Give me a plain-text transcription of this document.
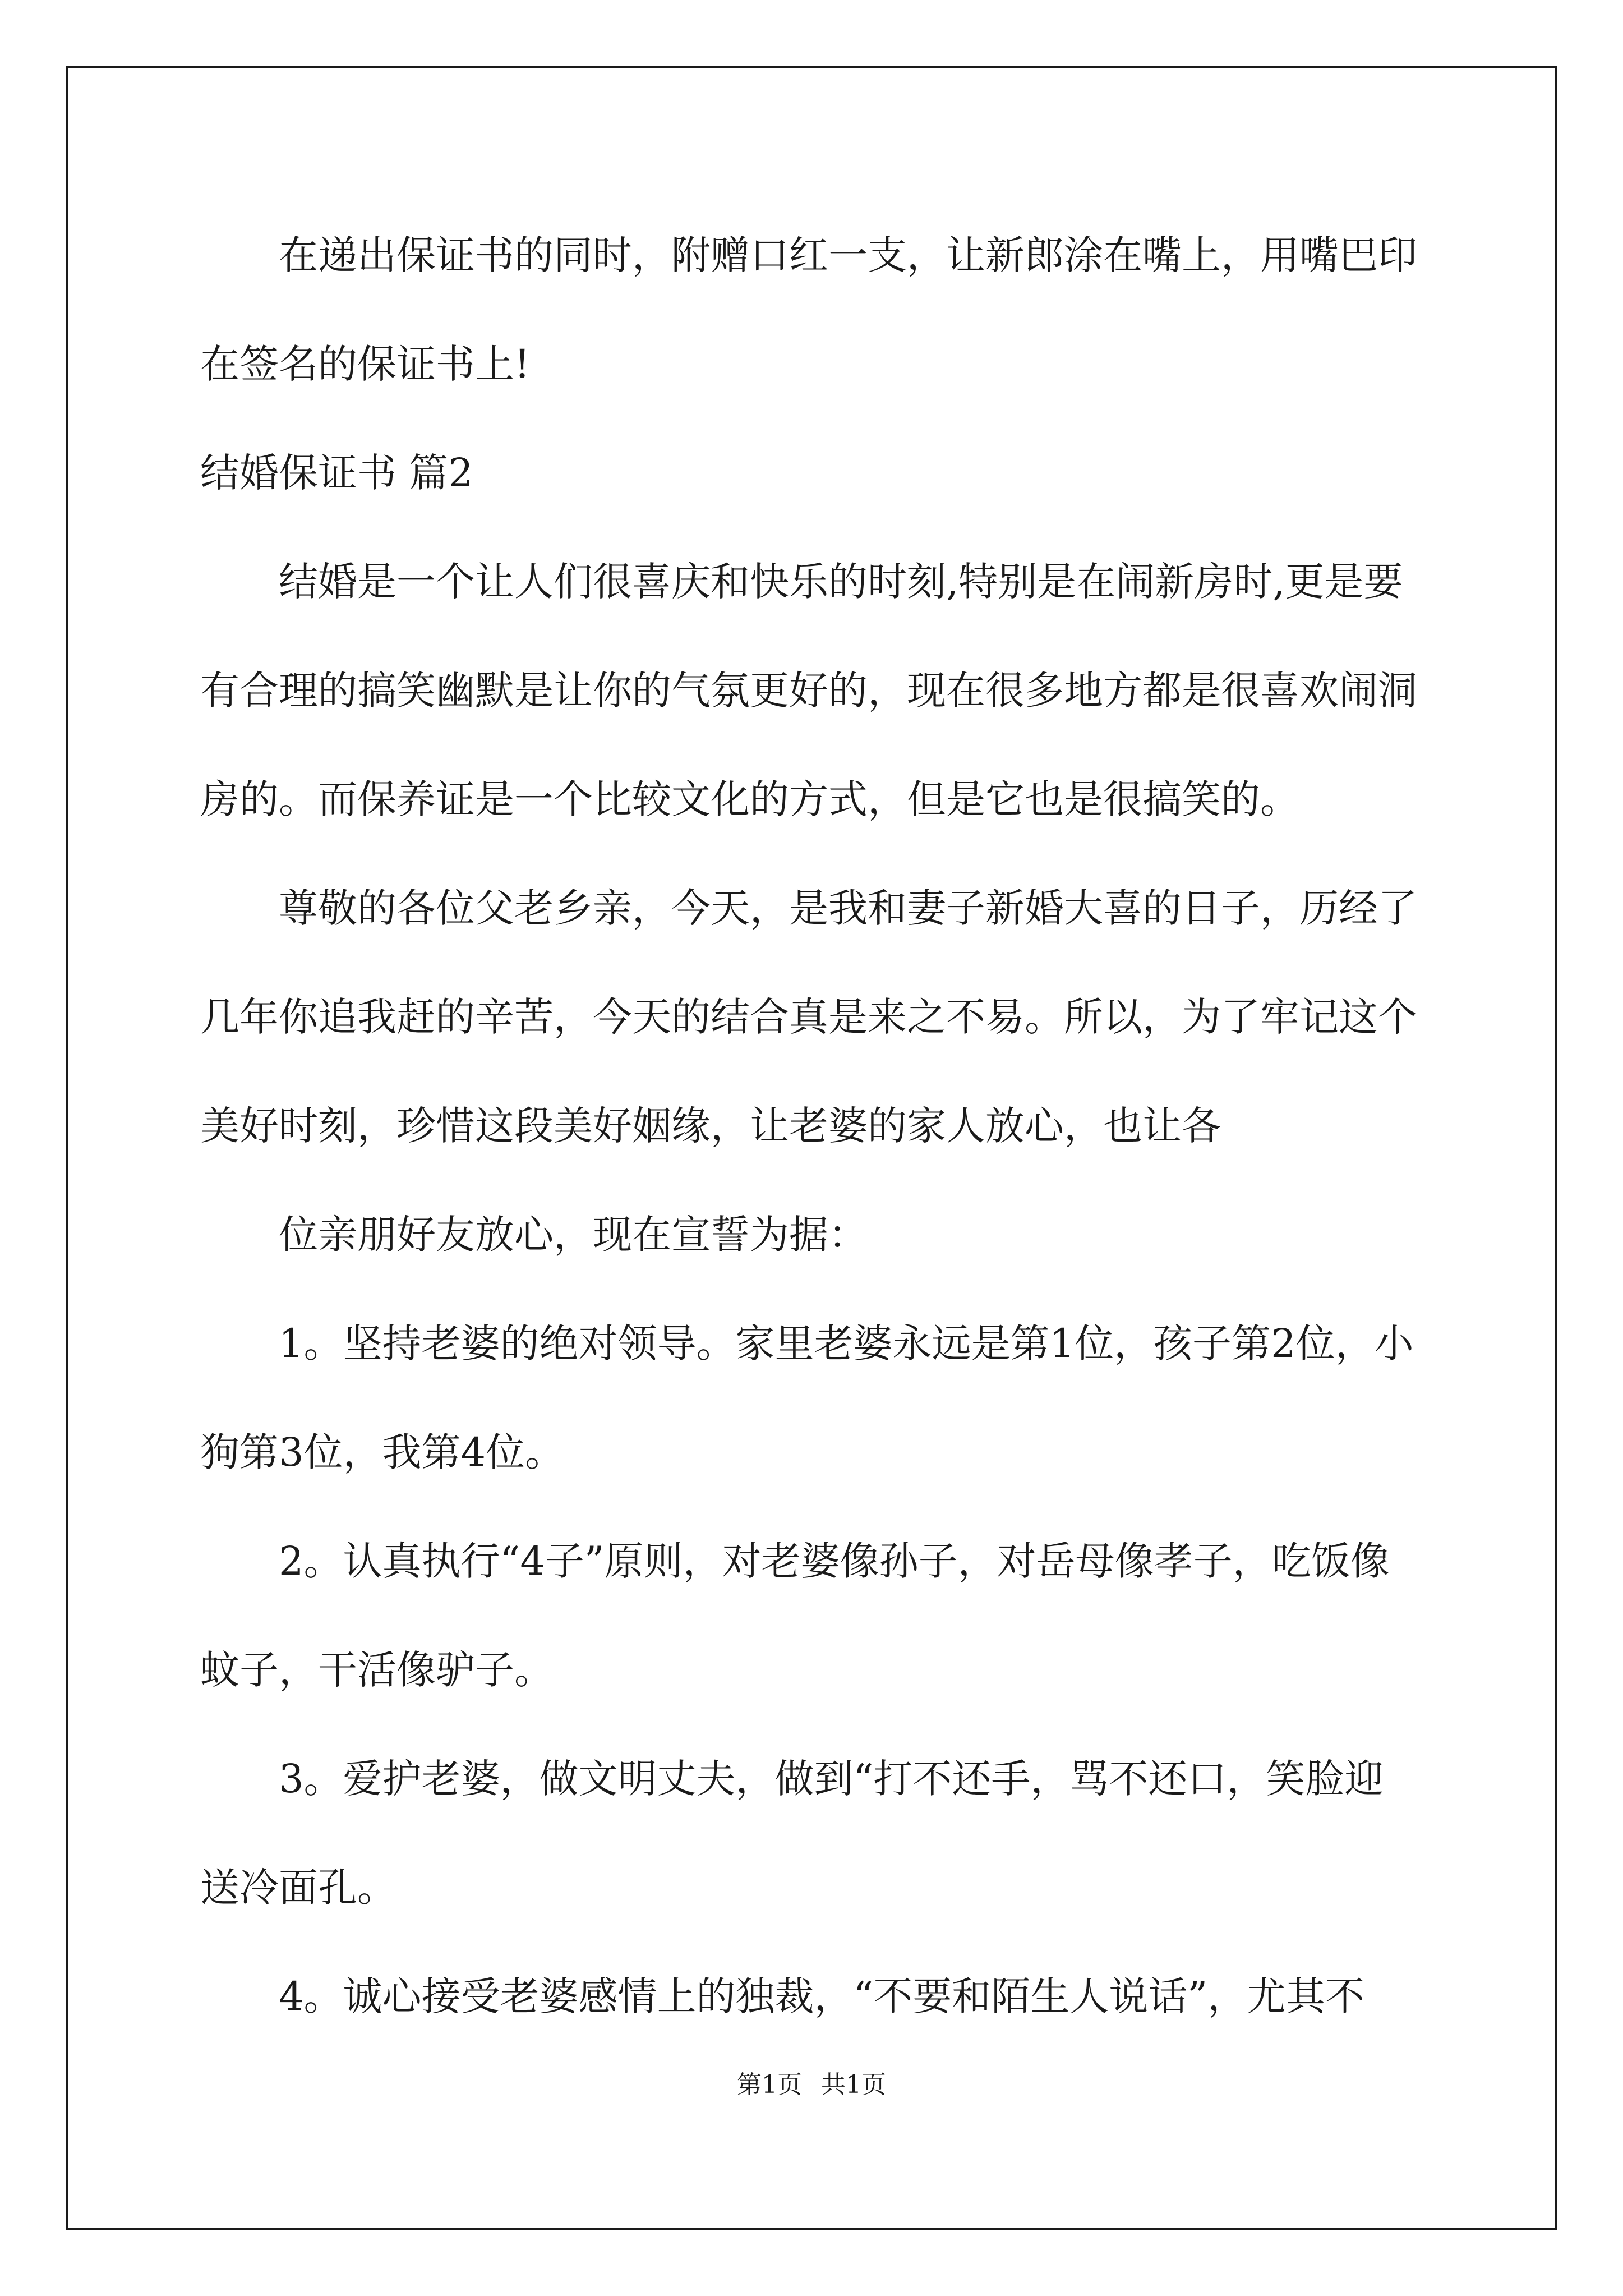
在递出保证书的同时，附赠口红一支，让新郎涂在嘴上，用嘴巴印在签名的保证书上!

结婚保证书 篇2

结婚是一个让人们很喜庆和快乐的时刻,特别是在闹新房时,更是要有合理的搞笑幽默是让你的气氛更好的，现在很多地方都是很喜欢闹洞房的。而保养证是一个比较文化的方式，但是它也是很搞笑的。

尊敬的各位父老乡亲，今天，是我和妻子新婚大喜的日子，历经了几年你追我赶的辛苦，今天的结合真是来之不易。所以，为了牢记这个美好时刻，珍惜这段美好姻缘，让老婆的家人放心，也让各

位亲朋好友放心，现在宣誓为据：

1。坚持老婆的绝对领导。家里老婆永远是第1位，孩子第2位，小狗第3位，我第4位。

2。认真执行“4子”原则，对老婆像孙子，对岳母像孝子，吃饭像蚊子，干活像驴子。

3。爱护老婆，做文明丈夫，做到“打不还手，骂不还口，笑脸迎送冷面孔。

4。诚心接受老婆感情上的独裁，“不要和陌生人说话”，尤其不

第1页 共1页
